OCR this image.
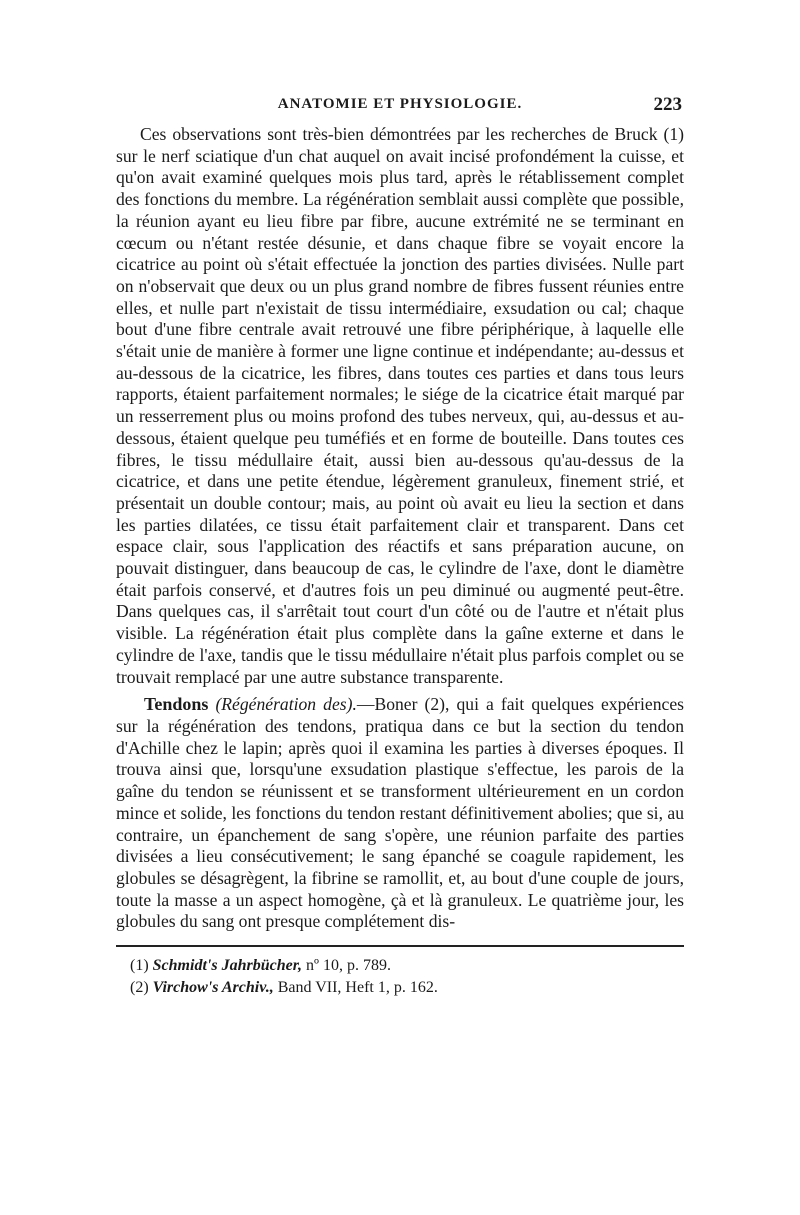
ANATOMIE ET PHYSIOLOGIE.	223

Ces observations sont très-bien démontrées par les recherches de Bruck (1) sur le nerf sciatique d'un chat auquel on avait incisé profondément la cuisse, et qu'on avait examiné quelques mois plus tard, après le rétablissement complet des fonctions du membre. La régénération semblait aussi complète que possible, la réunion ayant eu lieu fibre par fibre, aucune extrémité ne se terminant en cœcum ou n'étant restée désunie, et dans chaque fibre se voyait encore la cicatrice au point où s'était effectuée la jonction des parties divisées. Nulle part on n'observait que deux ou un plus grand nombre de fibres fussent réunies entre elles, et nulle part n'existait de tissu intermédiaire, exsudation ou cal; chaque bout d'une fibre centrale avait retrouvé une fibre périphérique, à laquelle elle s'était unie de manière à former une ligne continue et indépendante; au-dessus et au-dessous de la cicatrice, les fibres, dans toutes ces parties et dans tous leurs rapports, étaient parfaitement normales; le siége de la cicatrice était marqué par un resserrement plus ou moins profond des tubes nerveux, qui, au-dessus et au-dessous, étaient quelque peu tuméfiés et en forme de bouteille. Dans toutes ces fibres, le tissu médullaire était, aussi bien au-dessous qu'au-dessus de la cicatrice, et dans une petite étendue, légèrement granuleux, finement strié, et présentait un double contour; mais, au point où avait eu lieu la section et dans les parties dilatées, ce tissu était parfaitement clair et transparent. Dans cet espace clair, sous l'application des réactifs et sans préparation aucune, on pouvait distinguer, dans beaucoup de cas, le cylindre de l'axe, dont le diamètre était parfois conservé, et d'autres fois un peu diminué ou augmenté peut-être. Dans quelques cas, il s'arrêtait tout court d'un côté ou de l'autre et n'était plus visible. La régénération était plus complète dans la gaîne externe et dans le cylindre de l'axe, tandis que le tissu médullaire n'était plus parfois complet ou se trouvait remplacé par une autre substance transparente.

Tendons (Régénération des).—Boner (2), qui a fait quelques expériences sur la régénération des tendons, pratiqua dans ce but la section du tendon d'Achille chez le lapin; après quoi il examina les parties à diverses époques. Il trouva ainsi que, lorsqu'une exsudation plastique s'effectue, les parois de la gaîne du tendon se réunissent et se transforment ultérieurement en un cordon mince et solide, les fonctions du tendon restant définitivement abolies; que si, au contraire, un épanchement de sang s'opère, une réunion parfaite des parties divisées a lieu consécutivement; le sang épanché se coagule rapidement, les globules se désagrègent, la fibrine se ramollit, et, au bout d'une couple de jours, toute la masse a un aspect homogène, çà et là granuleux. Le quatrième jour, les globules du sang ont presque complétement dis-

(1) Schmidt's Jahrbücher, nº 10, p. 789.
(2) Virchow's Archiv., Band VII, Heft 1, p. 162.
